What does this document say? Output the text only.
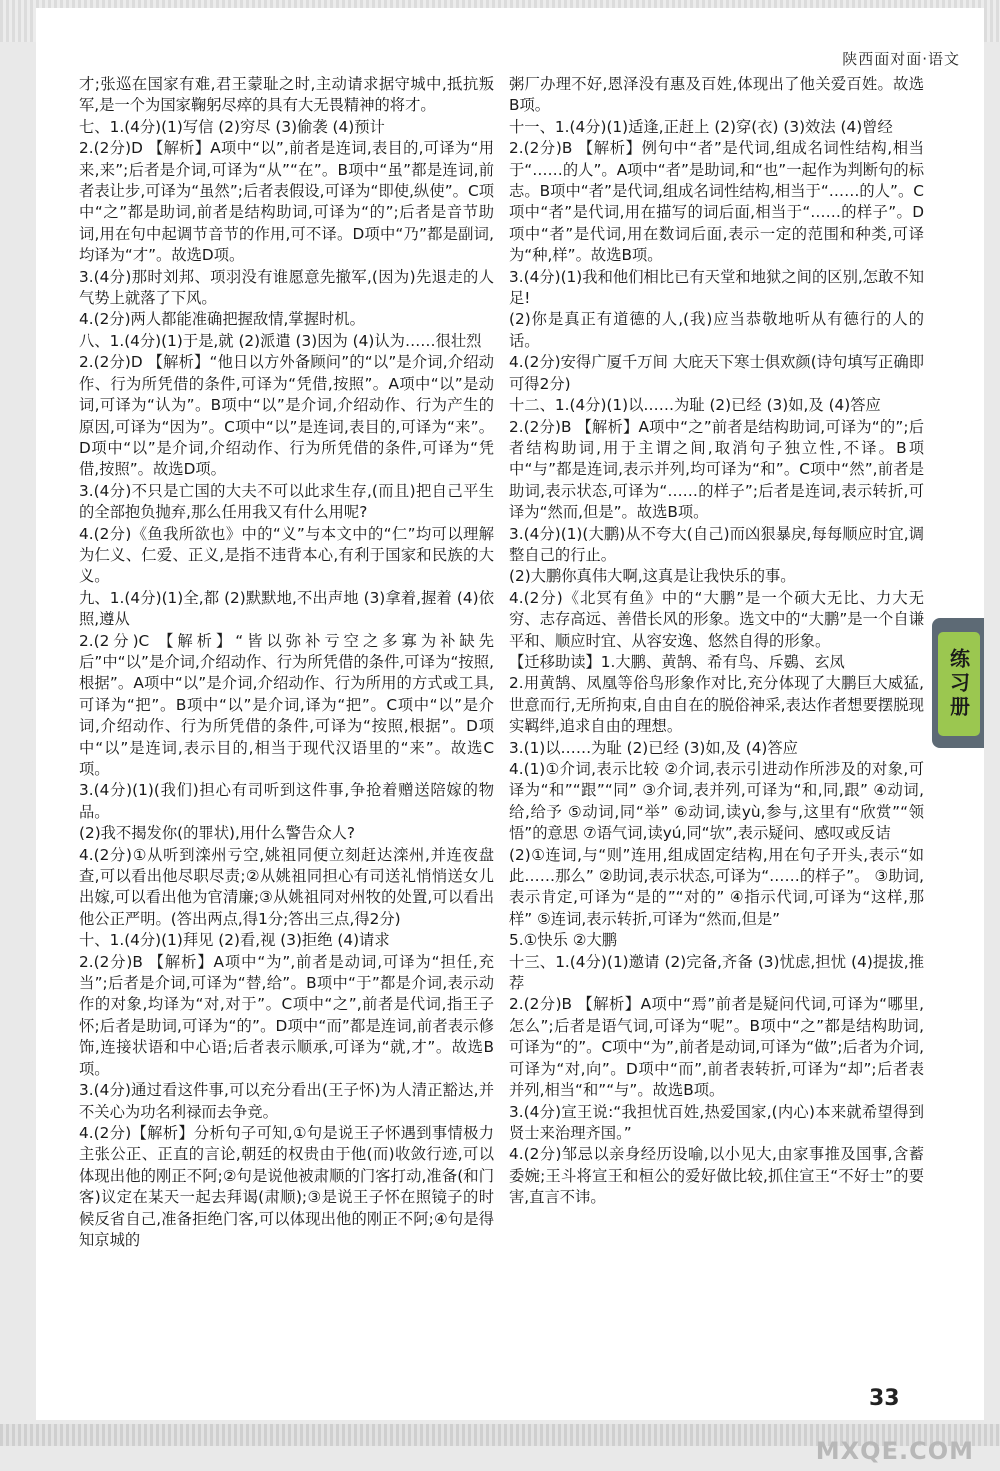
陕西面对面·语文

才;张巡在国家有难,君王蒙耻之时,主动请求据守城中,抵抗叛军,是一个为国家鞠躬尽瘁的具有大无畏精神的将才。

七、1.(4分)(1)写信 (2)穷尽 (3)偷袭 (4)预计

2.(2分)D 【解析】A项中“以”,前者是连词,表目的,可译为“用来,来”;后者是介词,可译为“从”“在”。B项中“虽”都是连词,前者表让步,可译为“虽然”;后者表假设,可译为“即使,纵使”。C项中“之”都是助词,前者是结构助词,可译为“的”;后者是音节助词,用在句中起调节音节的作用,可不译。D项中“乃”都是副词,均译为“才”。故选D项。

3.(4分)那时刘邦、项羽没有谁愿意先撤军,(因为)先退走的人气势上就落了下风。

4.(2分)两人都能准确把握敌情,掌握时机。

八、1.(4分)(1)于是,就 (2)派遣 (3)因为 (4)认为……很壮烈

2.(2分)D 【解析】“他日以方外备顾问”的“以”是介词,介绍动作、行为所凭借的条件,可译为“凭借,按照”。A项中“以”是动词,可译为“认为”。B项中“以”是介词,介绍动作、行为产生的原因,可译为“因为”。C项中“以”是连词,表目的,可译为“来”。D项中“以”是介词,介绍动作、行为所凭借的条件,可译为“凭借,按照”。故选D项。

3.(4分)不只是亡国的大夫不可以此求生存,(而且)把自己平生的全部抱负抛弃,那么任用我又有什么用呢?

4.(2分)《鱼我所欲也》中的“义”与本文中的“仁”均可以理解为仁义、仁爱、正义,是指不违背本心,有利于国家和民族的大义。

九、1.(4分)(1)全,都 (2)默默地,不出声地 (3)拿着,握着 (4)依照,遵从

2.(2分)C 【解析】“皆以弥补亏空之多寡为补缺先后”中“以”是介词,介绍动作、行为所凭借的条件,可译为“按照,根据”。A项中“以”是介词,介绍动作、行为所用的方式或工具,可译为“把”。B项中“以”是介词,译为“把”。C项中“以”是介词,介绍动作、行为所凭借的条件,可译为“按照,根据”。D项中“以”是连词,表示目的,相当于现代汉语里的“来”。故选C项。

3.(4分)(1)(我们)担心有司听到这件事,争抢着赠送陪嫁的物品。

(2)我不揭发你(的罪状),用什么警告众人?

4.(2分)①从听到滦州亏空,姚祖同便立刻赶达滦州,并连夜盘查,可以看出他尽职尽责;②从姚祖同担心有司送礼悄悄送女儿出嫁,可以看出他为官清廉;③从姚祖同对州牧的处置,可以看出他公正严明。(答出两点,得1分;答出三点,得2分)

十、1.(4分)(1)拜见 (2)看,视 (3)拒绝 (4)请求

2.(2分)B 【解析】A项中“为”,前者是动词,可译为“担任,充当”;后者是介词,可译为“替,给”。B项中“于”都是介词,表示动作的对象,均译为“对,对于”。C项中“之”,前者是代词,指王子怀;后者是助词,可译为“的”。D项中“而”都是连词,前者表示修饰,连接状语和中心语;后者表示顺承,可译为“就,才”。故选B项。

3.(4分)通过看这件事,可以充分看出(王子怀)为人清正豁达,并不关心为功名利禄而去争竞。

4.(2分)【解析】分析句子可知,①句是说王子怀遇到事情极力主张公正、正直的言论,朝廷的权贵由于他(而)收敛行迹,可以体现出他的刚正不阿;②句是说他被肃顺的门客打动,准备(和门客)议定在某天一起去拜谒(肃顺);③是说王子怀在照镜子的时候反省自己,准备拒绝门客,可以体现出他的刚正不阿;④句是得知京城的

粥厂办理不好,恩泽没有惠及百姓,体现出了他关爱百姓。故选B项。

十一、1.(4分)(1)适逢,正赶上 (2)穿(衣) (3)效法 (4)曾经

2.(2分)B 【解析】例句中“者”是代词,组成名词性结构,相当于“……的人”。A项中“者”是助词,和“也”一起作为判断句的标志。B项中“者”是代词,组成名词性结构,相当于“……的人”。C项中“者”是代词,用在描写的词后面,相当于“……的样子”。D项中“者”是代词,用在数词后面,表示一定的范围和种类,可译为“种,样”。故选B项。

3.(4分)(1)我和他们相比已有天堂和地狱之间的区别,怎敢不知足!

(2)你是真正有道德的人,(我)应当恭敬地听从有德行的人的话。

4.(2分)安得广厦千万间 大庇天下寒士俱欢颜(诗句填写正确即可得2分)

十二、1.(4分)(1)以……为耻 (2)已经 (3)如,及 (4)答应

2.(2分)B 【解析】A项中“之”前者是结构助词,可译为“的”;后者结构助词,用于主谓之间,取消句子独立性,不译。B项中“与”都是连词,表示并列,均可译为“和”。C项中“然”,前者是助词,表示状态,可译为“……的样子”;后者是连词,表示转折,可译为“然而,但是”。故选B项。

3.(4分)(1)(大鹏)从不夸大(自己)而凶狠暴戾,每每顺应时宜,调整自己的行止。

(2)大鹏你真伟大啊,这真是让我快乐的事。

4.(2分)《北冥有鱼》中的“大鹏”是一个硕大无比、力大无穷、志存高远、善借长风的形象。选文中的“大鹏”是一个自谦平和、顺应时宜、从容安逸、悠然自得的形象。

【迁移助读】1.大鹏、黄鹄、希有鸟、斥鷃、玄凤

2.用黄鹄、凤凰等俗鸟形象作对比,充分体现了大鹏巨大威猛,世意而行,无所拘束,自由自在的脱俗神采,表达作者想要摆脱现实羁绊,追求自由的理想。

3.(1)以……为耻 (2)已经 (3)如,及 (4)答应

4.(1)①介词,表示比较 ②介词,表示引进动作所涉及的对象,可译为“和”“跟”“同” ③介词,表并列,可译为“和,同,跟” ④动词,给,给予 ⑤动词,同“举” ⑥动词,读yù,参与,这里有“欣赏”“领悟”的意思 ⑦语气词,读yú,同“欤”,表示疑问、感叹或反诘

(2)①连词,与“则”连用,组成固定结构,用在句子开头,表示“如此……那么” ②助词,表示状态,可译为“……的样子”。 ③助词,表示肯定,可译为“是的”“对的” ④指示代词,可译为“这样,那样” ⑤连词,表示转折,可译为“然而,但是”

5.①快乐 ②大鹏

十三、1.(4分)(1)邀请 (2)完备,齐备 (3)忧虑,担忧 (4)提拔,推荐

2.(2分)B 【解析】A项中“焉”前者是疑问代词,可译为“哪里,怎么”;后者是语气词,可译为“呢”。B项中“之”都是结构助词,可译为“的”。C项中“为”,前者是动词,可译为“做”;后者为介词,可译为“对,向”。D项中“而”,前者表转折,可译为“却”;后者表并列,相当“和”“与”。故选B项。

3.(4分)宣王说:“我担忧百姓,热爱国家,(内心)本来就希望得到贤士来治理齐国。”

4.(2分)邹忌以亲身经历设喻,以小见大,由家事推及国事,含蓄委婉;王斗将宣王和桓公的爱好做比较,抓住宣王“不好士”的要害,直言不讳。

练习册
33
MXQE.COM
